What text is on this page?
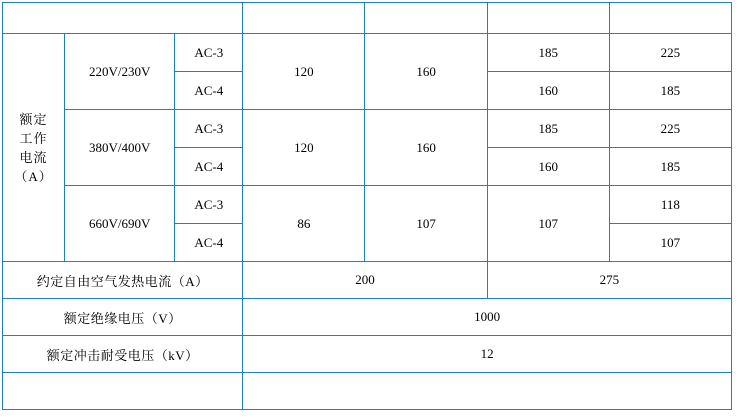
型 号			TGCA-120	TGCA-160	TGCA-185	TGCA-225

额定
工作
电流
（A）	220V/230V	AC-3	120	160	185	225
		AC-4			160	185
	380V/400V	AC-3	120	160	185	225
		AC-4			160	185
	660V/690V	AC-3	86	107	107	118
		AC-4				107
约定自由空气发热电流（A）			200		275	
额定绝缘电压（V）			1000			
额定冲击耐受电压（kV）			12			
